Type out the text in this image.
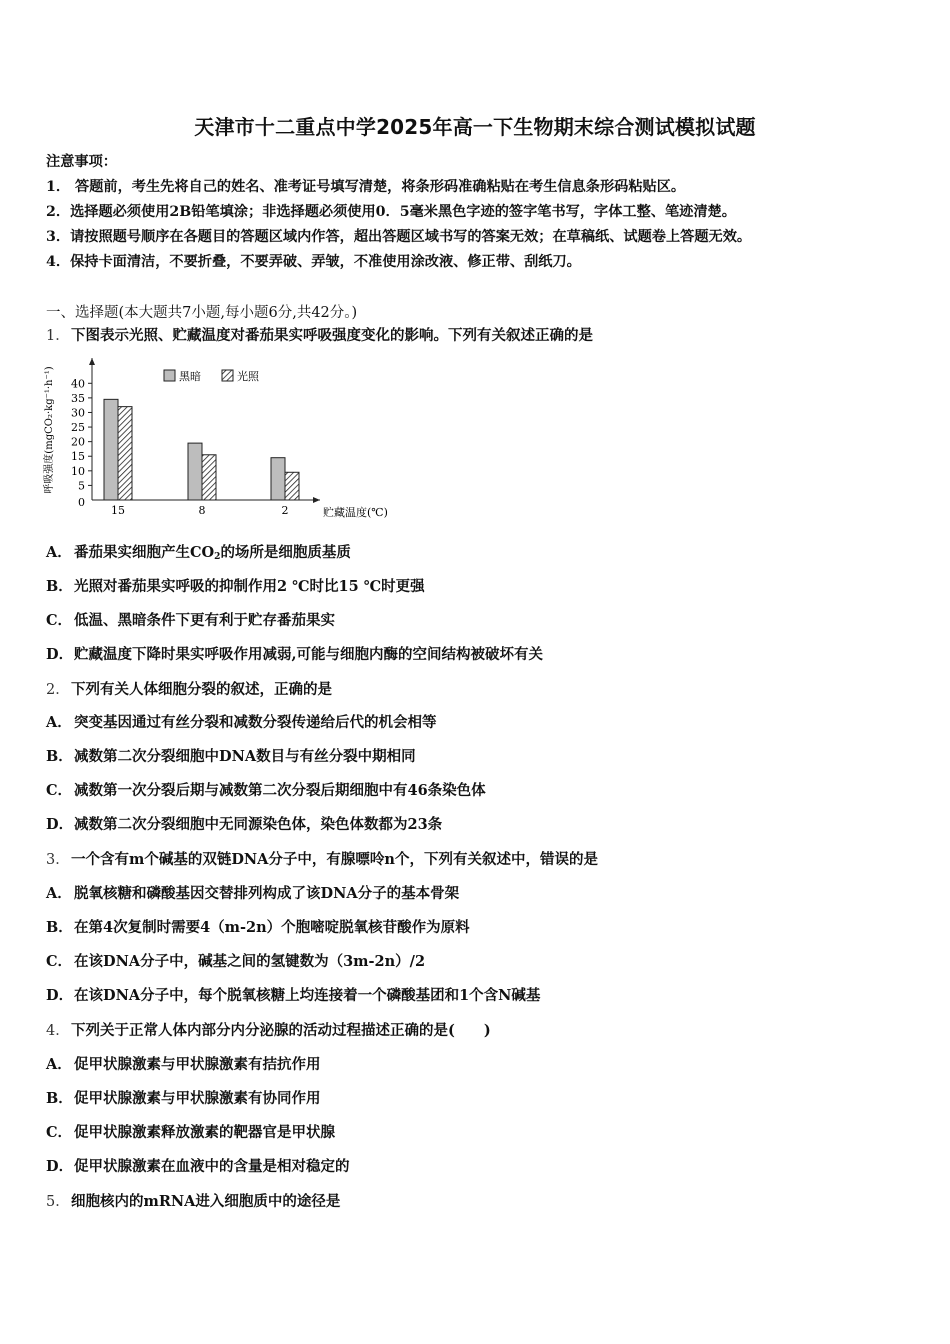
天津市十二重点中学2025年高一下生物期末综合测试模拟试题
注意事项：
1． 答题前，考生先将自己的姓名、准考证号填写清楚，将条形码准确粘贴在考生信息条形码粘贴区。
2．选择题必须使用2B铅笔填涂；非选择题必须使用0．5毫米黑色字迹的签字笔书写，字体工整、笔迹清楚。
3．请按照题号顺序在各题目的答题区域内作答，超出答题区域书写的答案无效；在草稿纸、试题卷上答题无效。
4．保持卡面清洁，不要折叠，不要弄破、弄皱，不准使用涂改液、修正带、刮纸刀。
一、选择题(本大题共7小题,每小题6分,共42分。)
1．下图表示光照、贮藏温度对番茄果实呼吸强度变化的影响。下列有关叙述正确的是
0
5
10
15
20
25
30
35
40
呼吸强度(mgCO₂·kg⁻¹·h⁻¹)
15	8	2	贮藏温度(℃)
黑暗	光照
A． 番茄果实细胞产生$CO_2$的场所是细胞质基质
B．光照对番茄果实呼吸的抑制作用2 ℃时比15 ℃时更强
C． 低温、黑暗条件下更有利于贮存番茄果实
D．贮藏温度下降时果实呼吸作用减弱,可能与细胞内酶的空间结构被破坏有关
2．下列有关人体细胞分裂的叙述，正确的是
A． 突变基因通过有丝分裂和减数分裂传递给后代的机会相等
B．减数第二次分裂细胞中DNA数目与有丝分裂中期相同
C． 减数第一次分裂后期与减数第二次分裂后期细胞中有46条染色体
D．减数第二次分裂细胞中无同源染色体，染色体数都为23条
3．一个含有m个碱基的双链DNA分子中，有腺嘌呤n个，下列有关叙述中，错误的是
A． 脱氧核糖和磷酸基因交替排列构成了该DNA分子的基本骨架
B．在第4次复制时需要4（m-2n）个胞嘧啶脱氧核苷酸作为原料
C． 在该DNA分子中，碱基之间的氢键数为（3m-2n）/2
D．在该DNA分子中，每个脱氧核糖上均连接着一个磷酸基团和1个含N碱基
4．下列关于正常人体内部分内分泌腺的活动过程描述正确的是(　　)
A． 促甲状腺激素与甲状腺激素有拮抗作用
B．促甲状腺激素与甲状腺激素有协同作用
C． 促甲状腺激素释放激素的靶器官是甲状腺
D．促甲状腺激素在血液中的含量是相对稳定的
5．细胞核内的mRNA进入细胞质中的途径是
